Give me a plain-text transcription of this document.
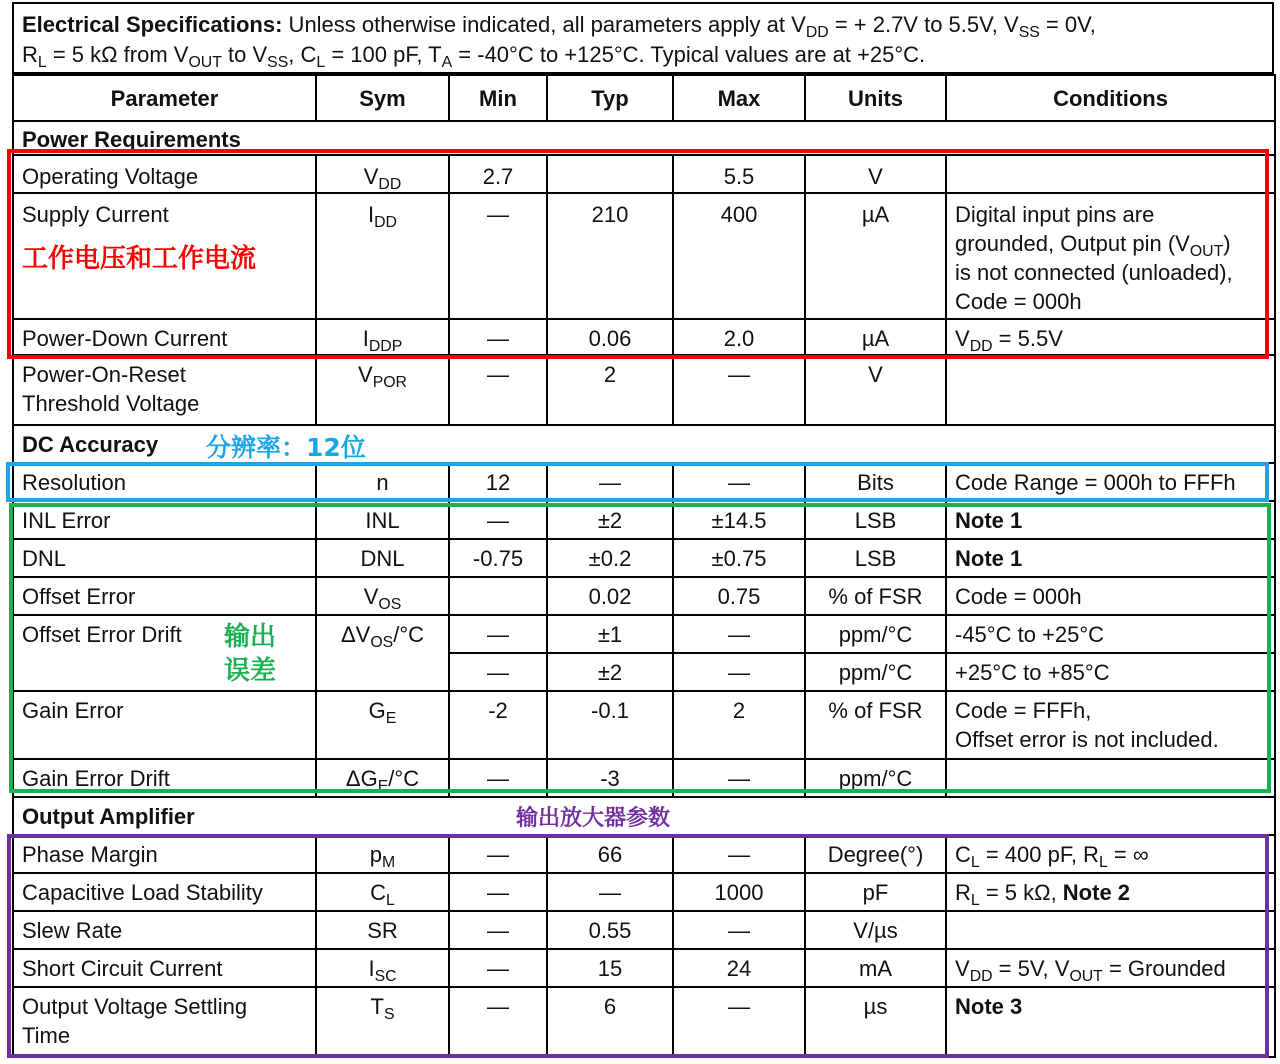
Electrical Specifications: Unless otherwise indicated, all parameters apply at $V_{DD}$ = + 2.7V to 5.5V, $V_{SS} = 0V$,
$R_L = 5$ kΩ from $V_{OUT}$ to $V_{SS}$, $C_L = 100$ pF, $T_A = -40^\circ C$ to +125°C. Typical values are at +25°C.
Parameter	Sym	Min	Typ	Max	Units	Conditions
Power Requirements						
Operating Voltage	$V_{DD}$	2.7		5.5	V	
Supply Current	$I_{DD}$	—	210	400	µA	Digital input pins are
grounded, Output pin $(V_{OUT})$
is not connected (unloaded),
Code = 000h
Power-Down Current	$I_{DDP}$	—	0.06	2.0	µA	$V_{DD} = 5.5V$
Power-On-Reset
Threshold Voltage	$V_{POR}$	—	2	—	V	
DC Accuracy						
Resolution	n	12	—	—	Bits	Code Range = 000h to FFFh
INL Error	INL	—	±2	±14.5	LSB	Note 1
DNL	DNL	-0.75	±0.2	±0.75	LSB	Note 1
Offset Error	$V_{OS}$		0.02	0.75	% of FSR	Code = 000h
Offset Error Drift	$\Delta V_{OS}/^\circ C$	—	±1	—	ppm/°C	-45°C to +25°C
		—	±2	—	ppm/°C	+25°C to +85°C
Gain Error	$G_E$	-2	-0.1	2	% of FSR	Code = FFFh,
Offset error is not included.
Gain Error Drift	$\Delta G_E/^\circ C$	—	-3	—	ppm/°C	
Output Amplifier						
Phase Margin	$p_M$	—	66	—	Degree(°)	$C_L = 400$ pF, $R_L$ = ∞
Capacitive Load Stability	$C_L$	—	—	1000	pF	$R_L = 5$ kΩ, Note 2
Slew Rate	SR	—	0.55	—	V/µs	
Short Circuit Current	$I_{SC}$	—	15	24	mA	$V_{DD} = 5V$, $V_{OUT}$ = Grounded
Output Voltage Settling
Time	$T_S$	—	6	—	µs	Note 3
工作电压和工作电流
分辨率：12位
输出
误差
输出放大器参数
